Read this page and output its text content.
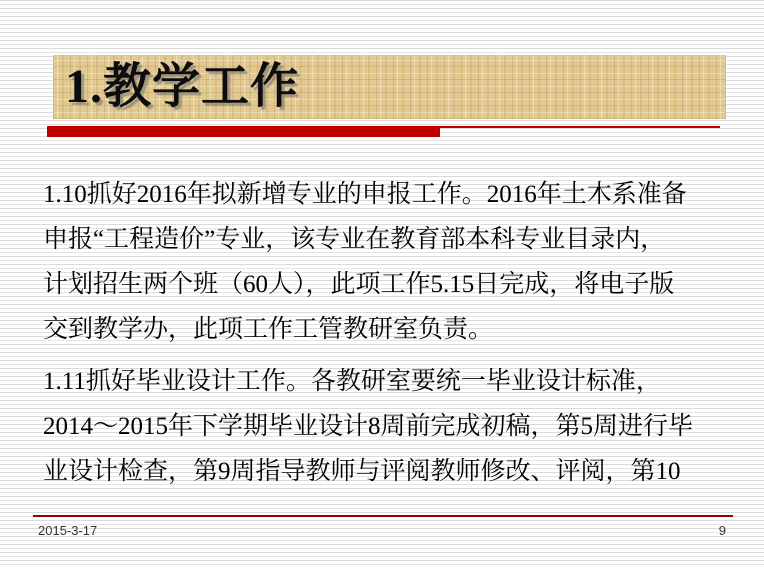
1.教学工作
1.10抓好2016年拟新增专业的申报工作。2016年土木系准备
申报“工程造价”专业，该专业在教育部本科专业目录内，
计划招生两个班（60人），此项工作5.15日完成，将电子版
交到教学办，此项工作工管教研室负责。
1.11抓好毕业设计工作。各教研室要统一毕业设计标准，
2014～2015年下学期毕业设计8周前完成初稿，第5周进行毕
业设计检查，第9周指导教师与评阅教师修改、评阅，第10
2015-3-17	9
